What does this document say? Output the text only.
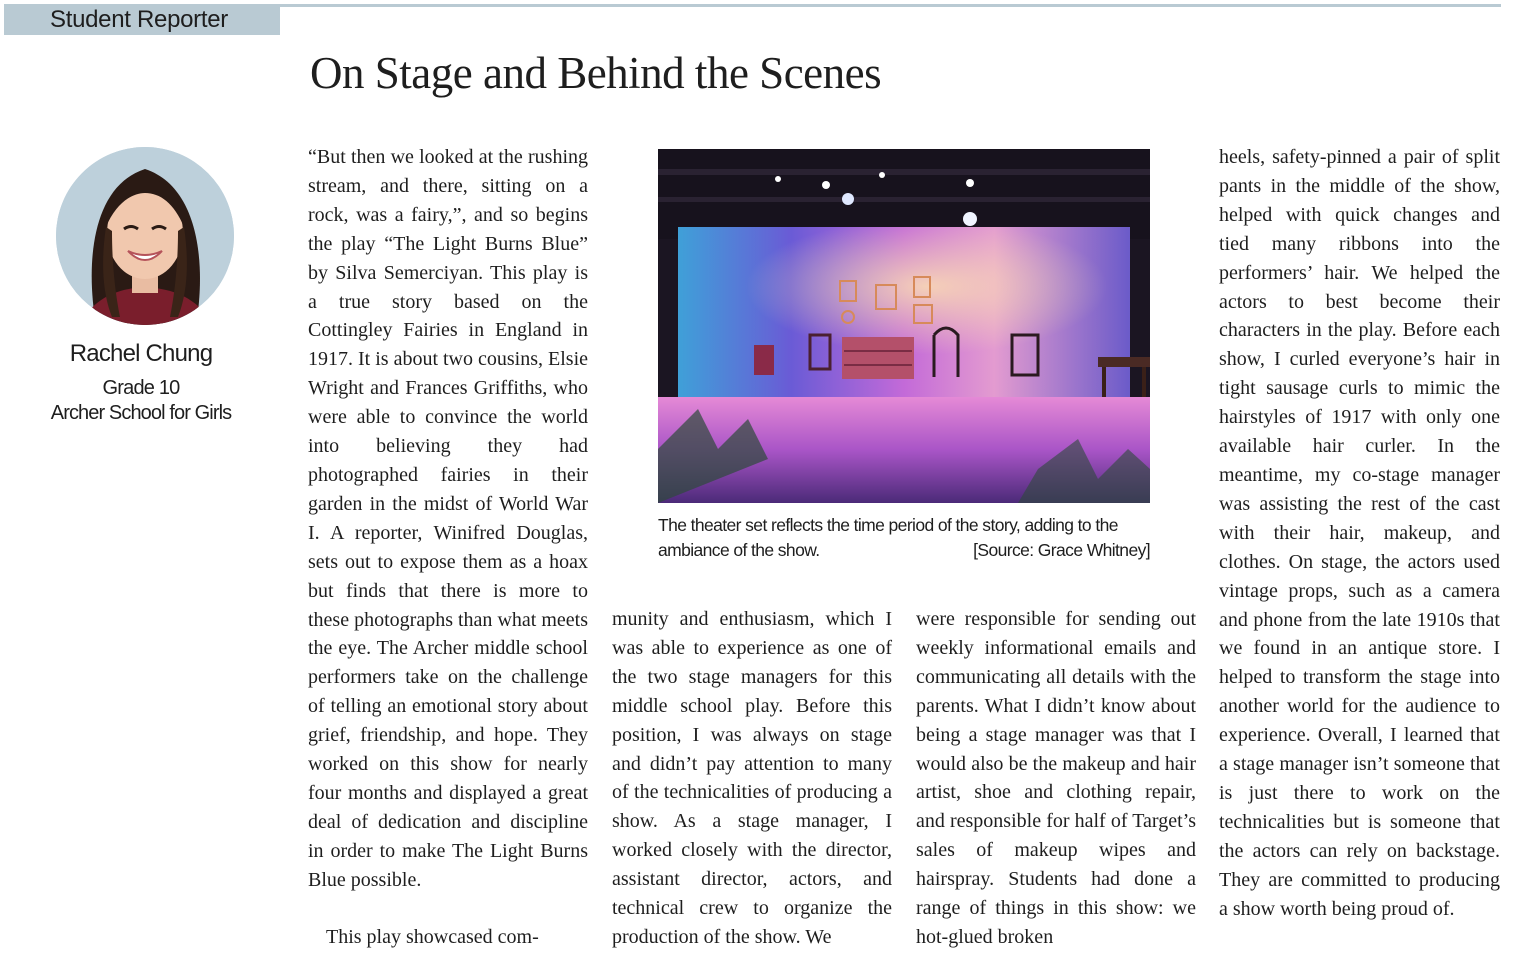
Student Reporter
On Stage and Behind the Scenes
Rachel Chung
Grade 10
Archer School for Girls

“But then we looked at the rushing stream, and there, sitting on a rock, was a fairy,”, and so begins the play “The Light Burns Blue” by Silva Semerciyan. This play is a true story based on the Cottingley Fairies in England in 1917. It is about two cousins, Elsie Wright and Frances Griffiths, who were able to convince the world into believing they had photographed fairies in their garden in the midst of World War I. A reporter, Winifred Douglas, sets out to expose them as a hoax but finds that there is more to these photographs than what meets the eye. The Archer middle school performers take on the challenge of telling an emotional story about grief, friendship, and hope. They worked on this show for nearly four months and displayed a great deal of dedication and discipline in order to make The Light Burns Blue possible.

This play showcased com-

The theater set reflects the time period of the story, adding to the
ambiance of the show.	[Source: Grace Whitney]

munity and enthusiasm, which I was able to experience as one of the two stage managers for this middle school play. Before this position, I was always on stage and didn’t pay attention to many of the technicalities of producing a show. As a stage manager, I worked closely with the director, assistant director, actors, and technical crew to organize the production of the show. We

were responsible for sending out weekly informational emails and communicating all details with the parents. What I didn’t know about being a stage manager was that I would also be the makeup and hair artist, shoe and clothing repair, and responsible for half of Target’s sales of makeup wipes and hairspray. Students had done a range of things in this show: we hot-glued broken

heels, safety-pinned a pair of split pants in the middle of the show, helped with quick changes and tied many ribbons into the performers’ hair. We helped the actors to best become their characters in the play. Before each show, I curled everyone’s hair in tight sausage curls to mimic the hairstyles of 1917 with only one available hair curler. In the meantime, my co-stage manager was assisting the rest of the cast with their hair, makeup, and clothes. On stage, the actors used vintage props, such as a camera and phone from the late 1910s that we found in an antique store. I helped to transform the stage into another world for the audience to experience. Overall, I learned that a stage manager isn’t someone that is just there to work on the technicalities but is someone that the actors can rely on backstage. They are committed to producing a show worth being proud of.
